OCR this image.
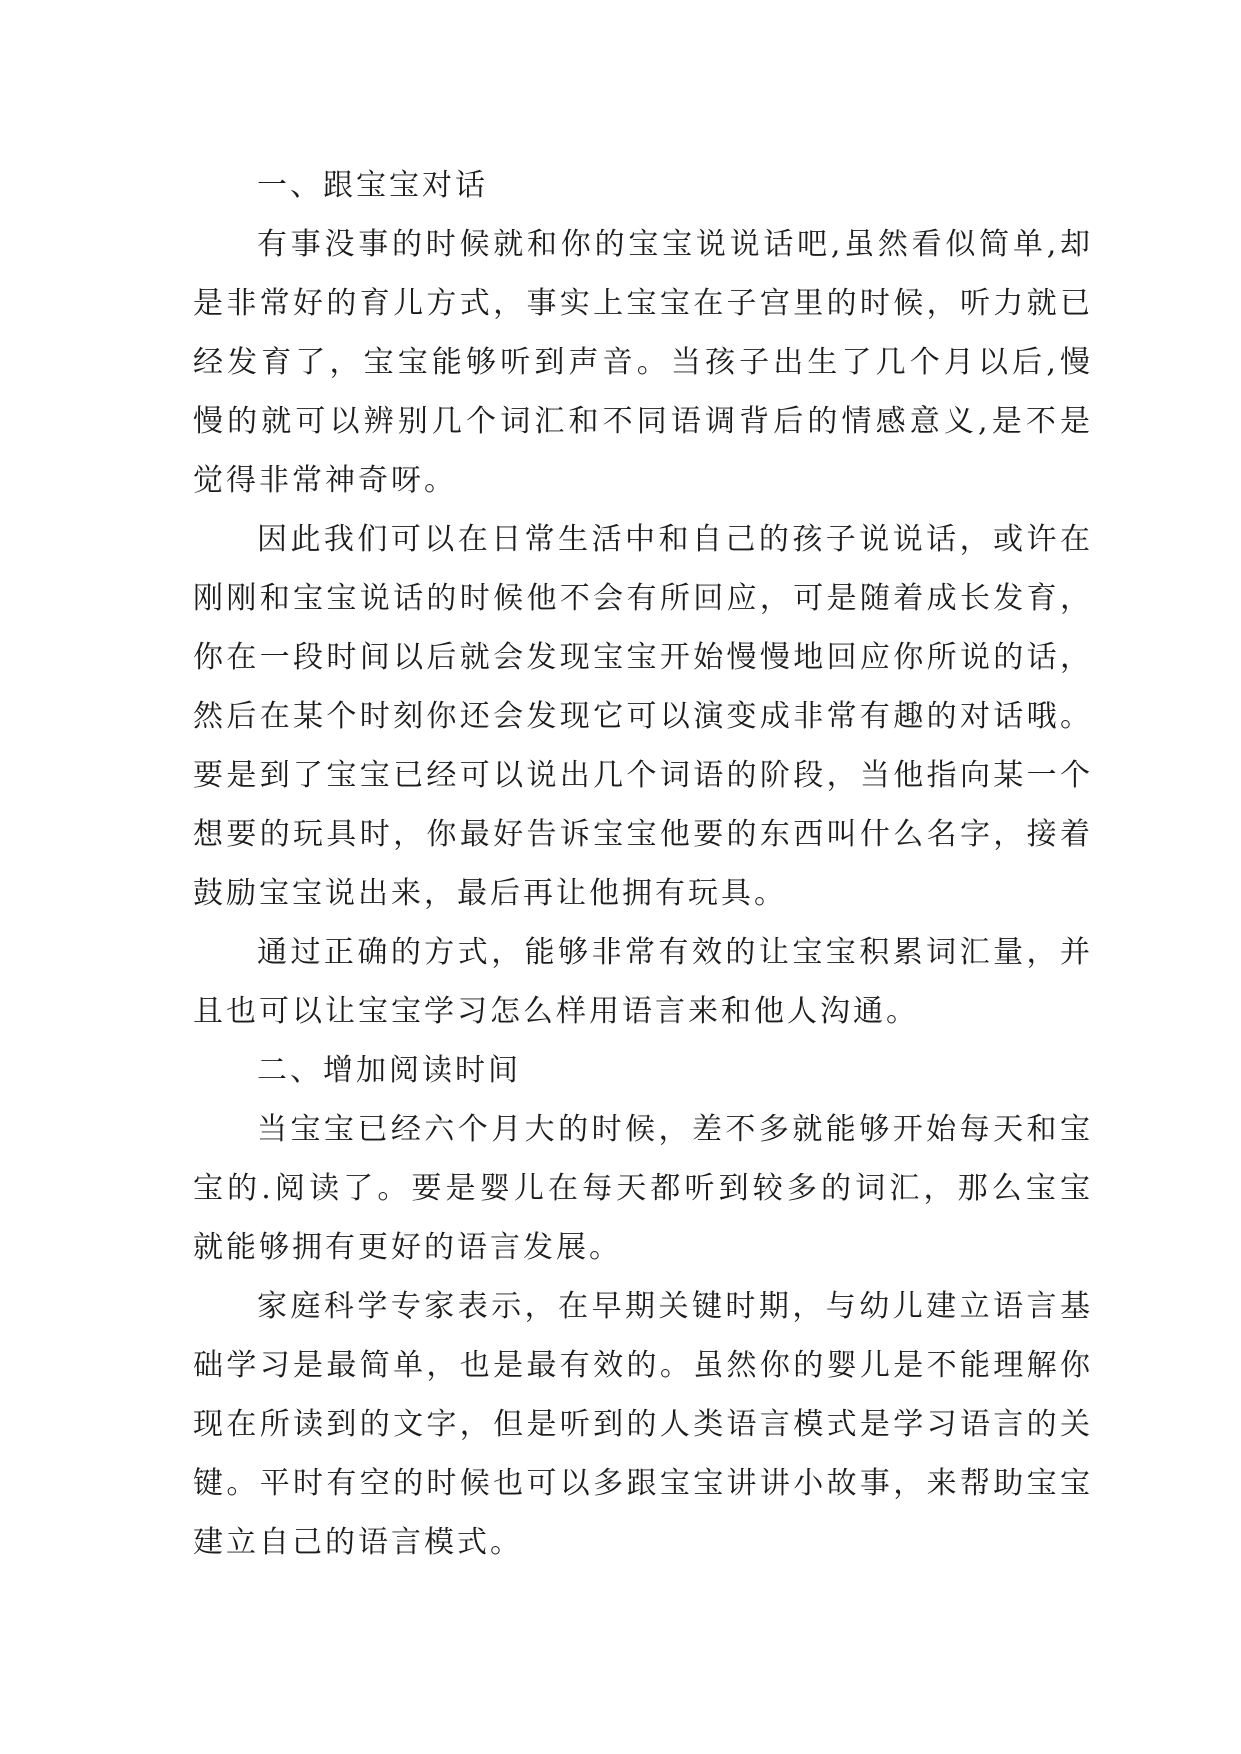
一、跟宝宝对话

有事没事的时候就和你的宝宝说说话吧,虽然看似简单,却是非常好的育儿方式，事实上宝宝在子宫里的时候，听力就已经发育了，宝宝能够听到声音。当孩子出生了几个月以后,慢慢的就可以辨别几个词汇和不同语调背后的情感意义,是不是觉得非常神奇呀。

因此我们可以在日常生活中和自己的孩子说说话，或许在刚刚和宝宝说话的时候他不会有所回应，可是随着成长发育，你在一段时间以后就会发现宝宝开始慢慢地回应你所说的话，然后在某个时刻你还会发现它可以演变成非常有趣的对话哦。要是到了宝宝已经可以说出几个词语的阶段，当他指向某一个想要的玩具时，你最好告诉宝宝他要的东西叫什么名字，接着鼓励宝宝说出来，最后再让他拥有玩具。

通过正确的方式，能够非常有效的让宝宝积累词汇量，并且也可以让宝宝学习怎么样用语言来和他人沟通。

二、增加阅读时间

当宝宝已经六个月大的时候，差不多就能够开始每天和宝宝的.阅读了。要是婴儿在每天都听到较多的词汇，那么宝宝就能够拥有更好的语言发展。

家庭科学专家表示，在早期关键时期，与幼儿建立语言基础学习是最简单，也是最有效的。虽然你的婴儿是不能理解你现在所读到的文字，但是听到的人类语言模式是学习语言的关键。平时有空的时候也可以多跟宝宝讲讲小故事，来帮助宝宝建立自己的语言模式。
